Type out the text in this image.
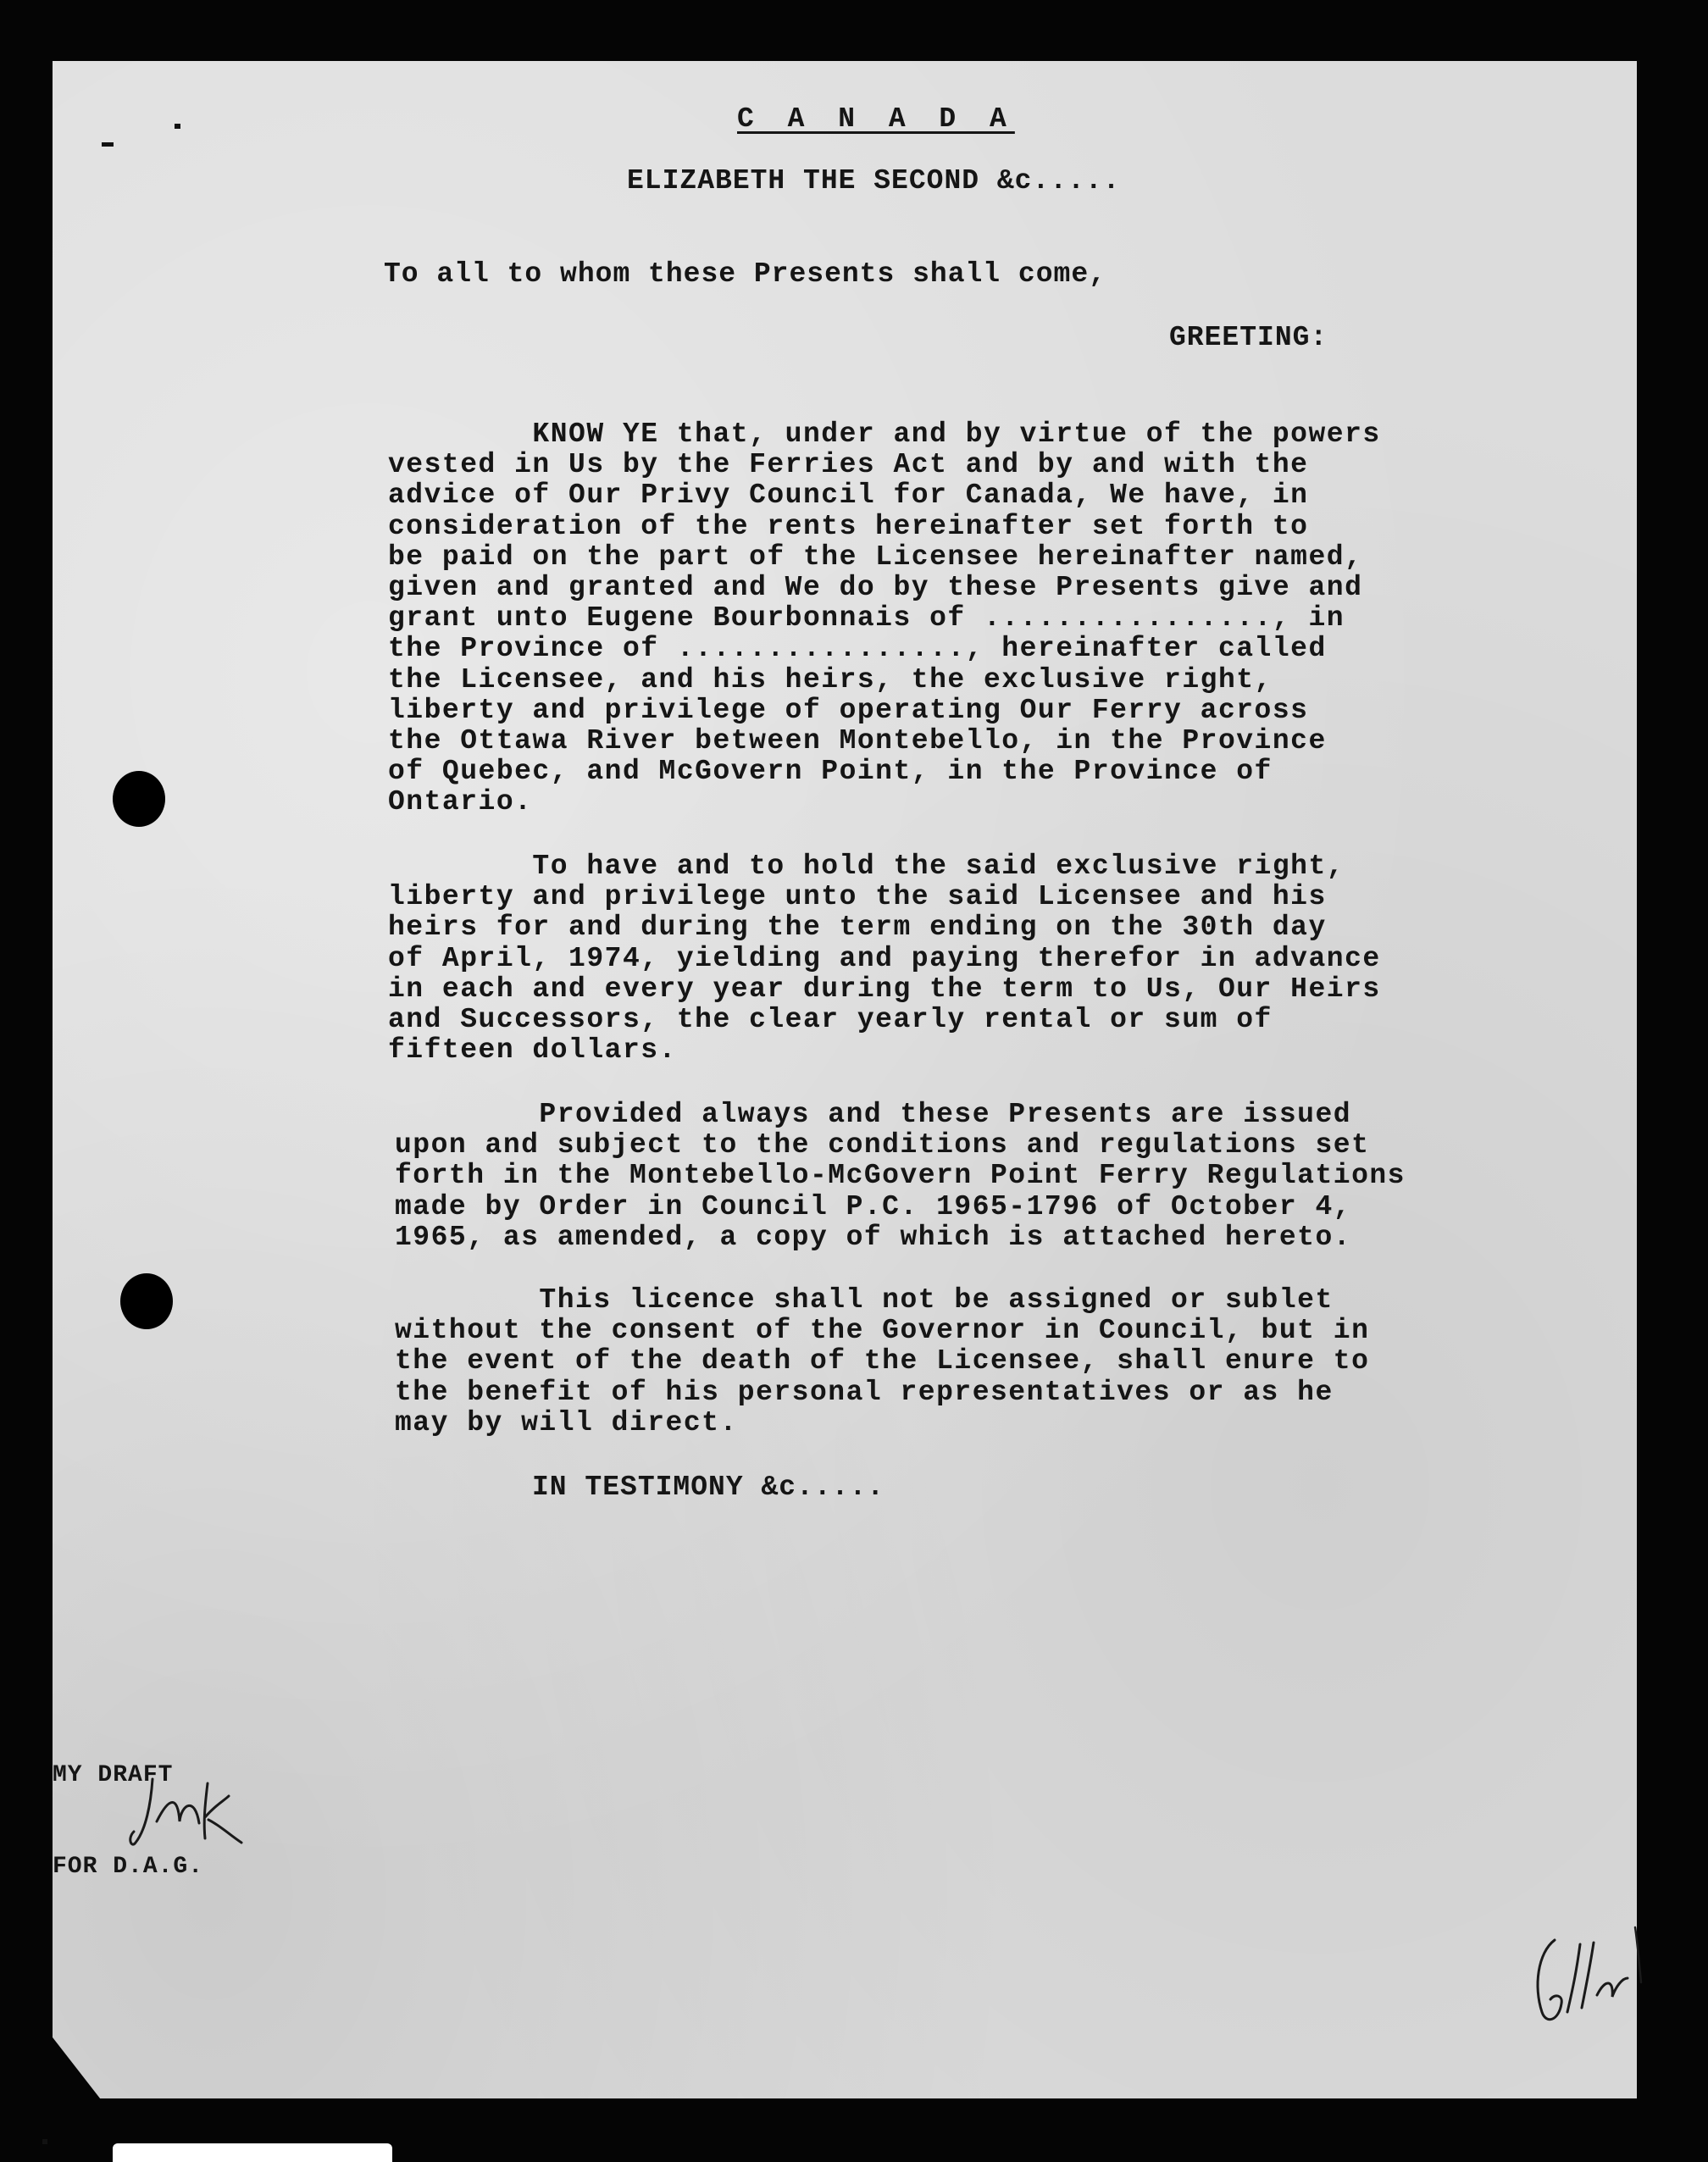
C A N A D A
ELIZABETH THE SECOND &c.....
To all to whom these Presents shall come,
GREETING:

KNOW YE that, under and by virtue of the powers
vested in Us by the Ferries Act and by and with the
advice of Our Privy Council for Canada, We have, in
consideration of the rents hereinafter set forth to
be paid on the part of the Licensee hereinafter named,
given and granted and We do by these Presents give and
grant unto Eugene Bourbonnais of ................, in
the Province of ................, hereinafter called
the Licensee, and his heirs, the exclusive right,
liberty and privilege of operating Our Ferry across
the Ottawa River between Montebello, in the Province
of Quebec, and McGovern Point, in the Province of
Ontario.

To have and to hold the said exclusive right,
liberty and privilege unto the said Licensee and his
heirs for and during the term ending on the 30th day
of April, 1974, yielding and paying therefor in advance
in each and every year during the term to Us, Our Heirs
and Successors, the clear yearly rental or sum of
fifteen dollars.

Provided always and these Presents are issued
upon and subject to the conditions and regulations set
forth in the Montebello-McGovern Point Ferry Regulations
made by Order in Council P.C. 1965-1796 of October 4,
1965, as amended, a copy of which is attached hereto.

This licence shall not be assigned or sublet
without the consent of the Governor in Council, but in
the event of the death of the Licensee, shall enure to
the benefit of his personal representatives or as he
may by will direct.

IN TESTIMONY &c.....
MY DRAFT
FOR D.A.G.
